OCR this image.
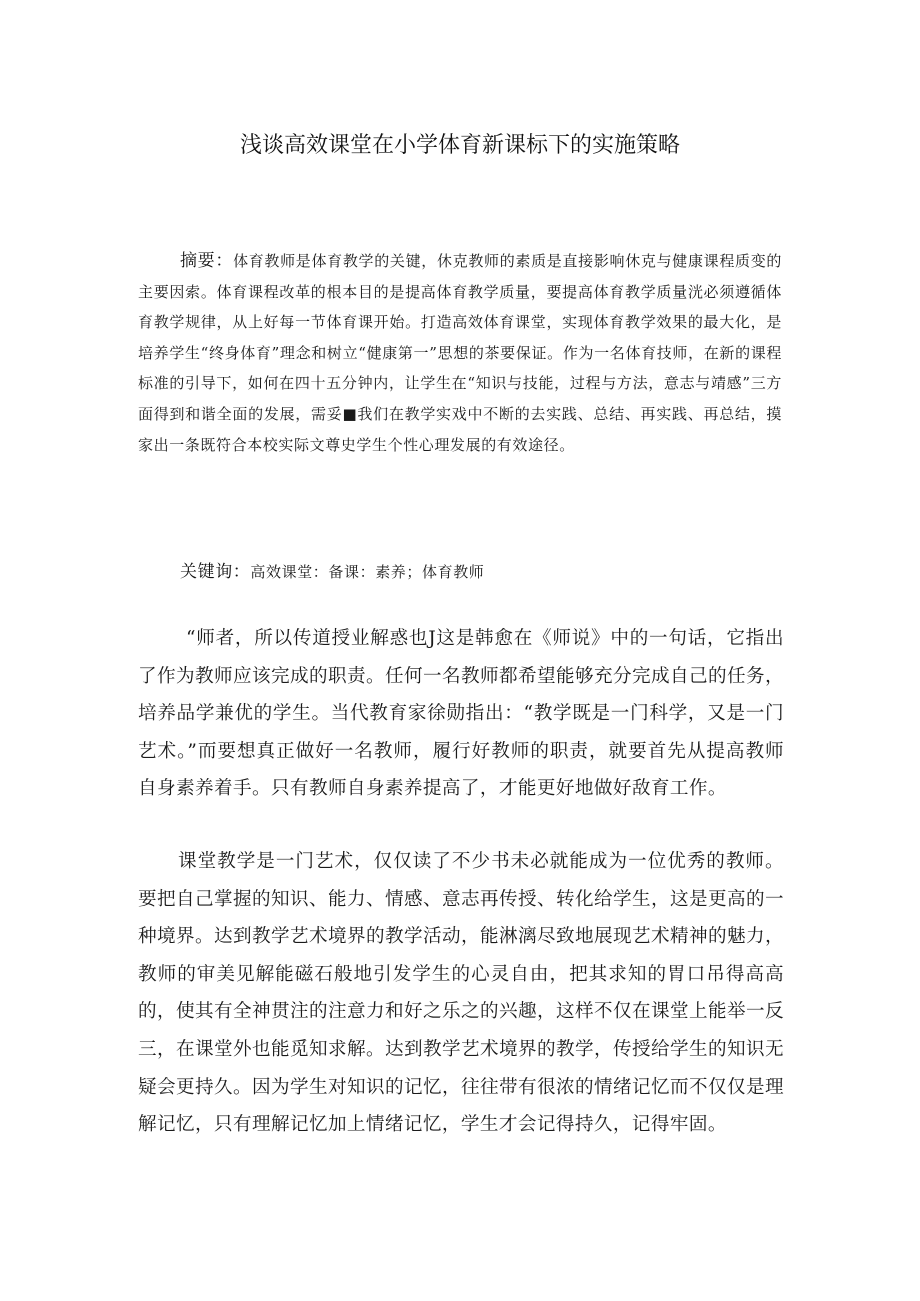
浅谈高效课堂在小学体育新课标下的实施策略

摘要：体育教师是体育教学的关键，休克教师的素质是直接影响休克与健康课程质变的主要因索。体育课程改革的根本目的是提高体育教学质量，要提高体育教学质量洸必须遵循体育教学规律，从上好每一节体育课开始。打造高效体育课堂，实现体育教学效果的最大化，是培养学生“终身体育”理念和树立“健康第一”思想的茶要保证。作为一名体育技师，在新的课程标准的引导下，如何在四十五分钟内，让学生在“知识与技能，过程与方法，意志与靖感”三方面得到和谐全面的发展，需妥■我们在教学实戏中不断的去实践、总结、再实践、再总结，摸家出一条既符合本校实际文尊史学生个性心理发展的有效途径。

关键询：高效课堂：备课：素养；体育教师

“师者，所以传道授业解惑也J这是韩愈在《师说》中的一句话，它指出了作为教师应该完成的职责。任何一名教师都希望能够充分完成自己的任务，培养品学兼优的学生。当代教育家徐勋指出：“教学既是一门科学，又是一门艺术。”而要想真正做好一名教师，履行好教师的职责，就要首先从提高教师自身素养着手。只有教师自身素养提高了，才能更好地做好敌育工作。

课堂教学是一门艺术，仅仅读了不少书未必就能成为一位优秀的教师。要把自己掌握的知识、能力、情感、意志再传授、转化给学生，这是更高的一种境界。达到教学艺术境界的教学活动，能淋漓尽致地展现艺术精神的魅力，教师的审美见解能磁石般地引发学生的心灵自由，把其求知的胃口吊得高高的，使其有全神贯注的注意力和好之乐之的兴趣，这样不仅在课堂上能举一反三，在课堂外也能觅知求解。达到教学艺术境界的教学，传授给学生的知识无疑会更持久。因为学生对知识的记忆，往往带有很浓的情绪记忆而不仅仅是理解记忆，只有理解记忆加上情绪记忆，学生才会记得持久，记得牢固。
